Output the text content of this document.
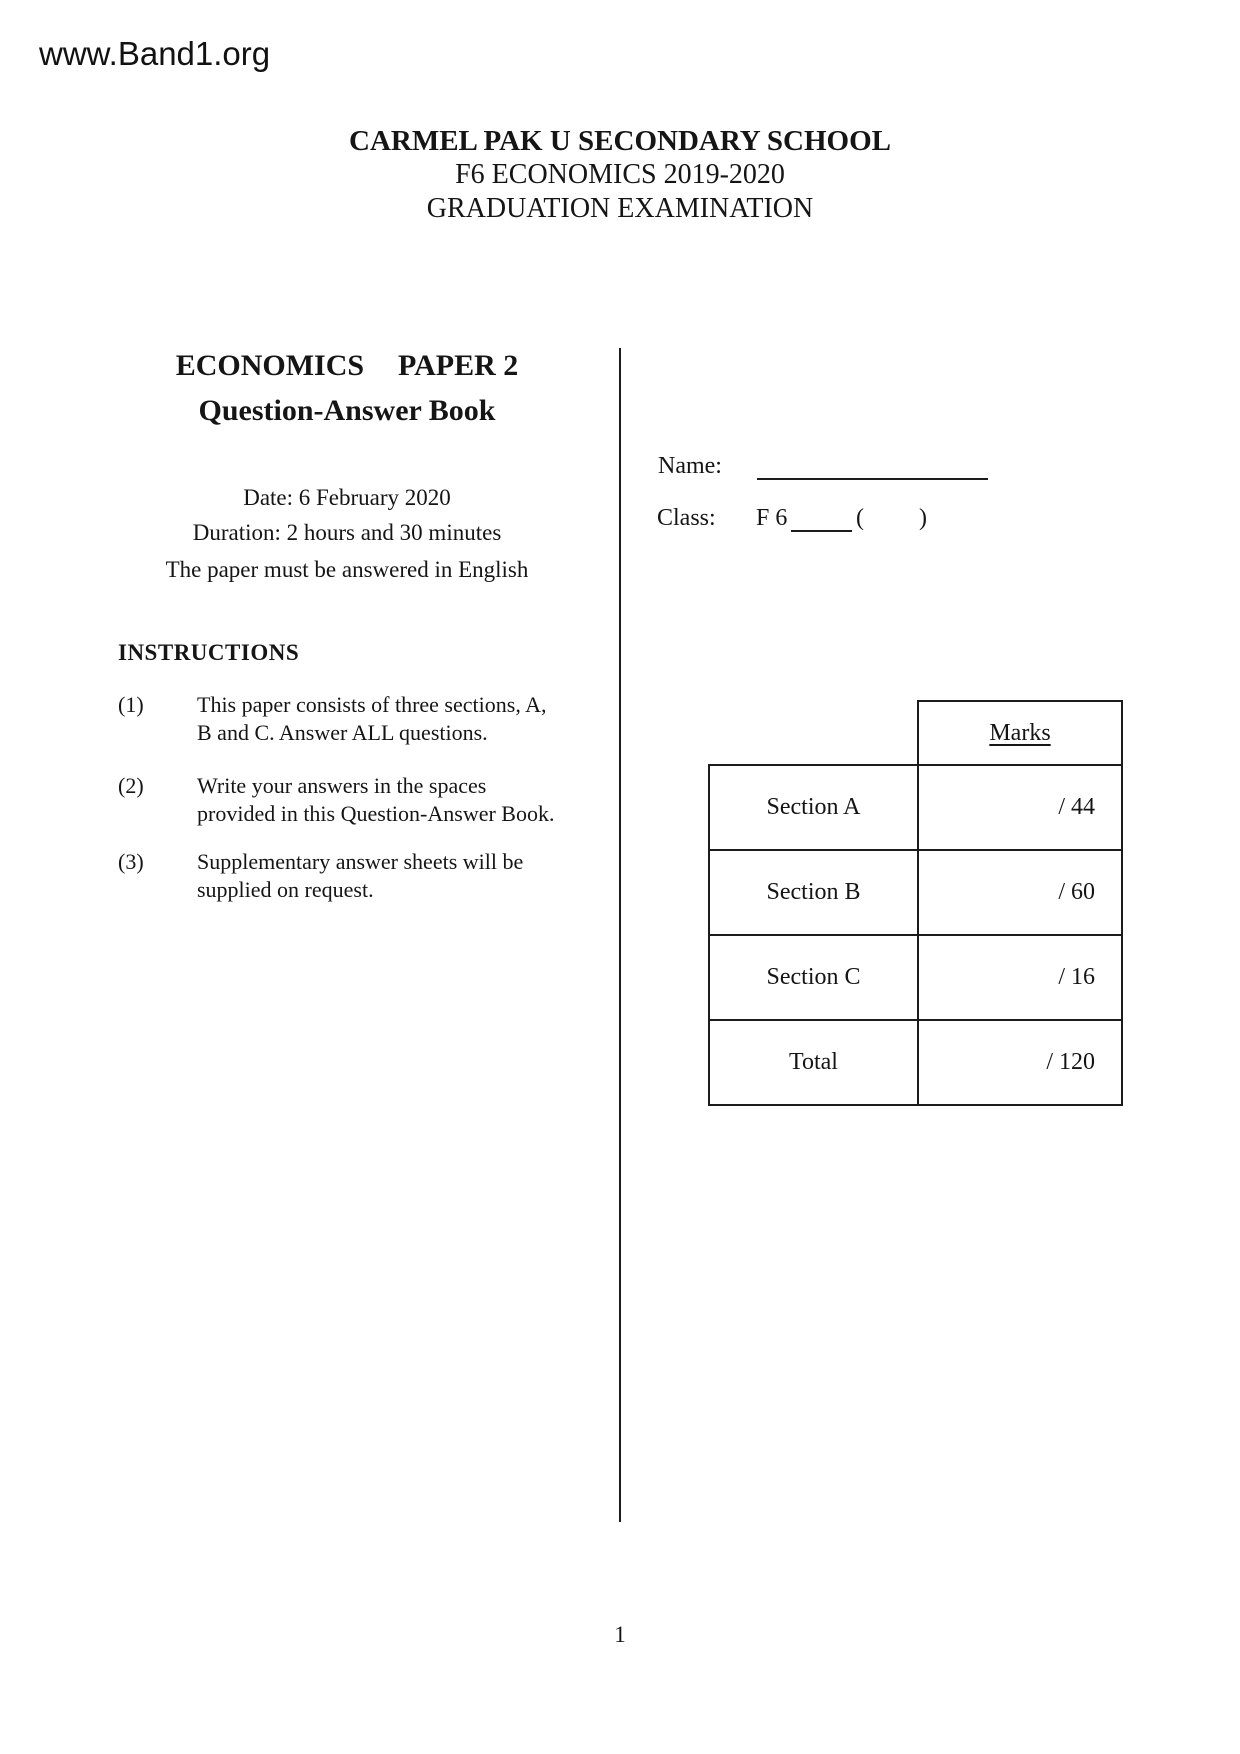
www.Band1.org
CARMEL PAK U SECONDARY SCHOOL
F6 ECONOMICS 2019-2020
GRADUATION EXAMINATION
ECONOMICS PAPER 2
Question-Answer Book
Date: 6 February 2020
Duration: 2 hours and 30 minutes
The paper must be answered in English
INSTRUCTIONS
(1) This paper consists of three sections, A,
B and C. Answer ALL questions.
(2) Write your answers in the spaces
provided in this Question-Answer Book.
(3) Supplementary answer sheets will be
supplied on request.
Name:
Class: F 6	( )
	Marks
Section A	/ 44
Section B	/ 60
Section C	/ 16
Total	/ 120
1
